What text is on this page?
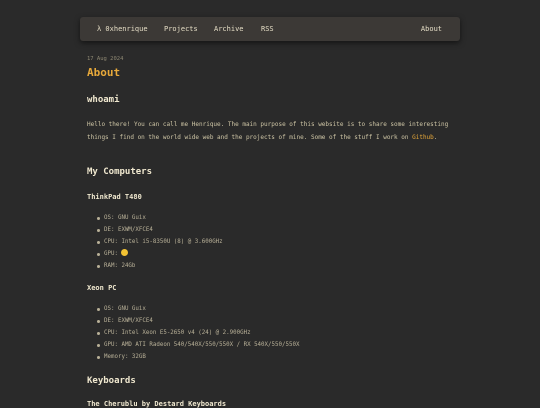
λ 0xhenrique Projects Archive RSS	About
17 Aug 2024
About
whoami

Hello there! You can call me Henrique. The main purpose of this website is to share some interesting things I find on the world wide web and the projects of mine. Some of the stuff I work on Github.

My Computers
ThinkPad T480
OS: GNU Guix
DE: EXWM/XFCE4
CPU: Intel i5-8350U (8) @ 3.600GHz
GPU:
RAM: 24Gb
Xeon PC
OS: GNU Guix
DE: EXWM/XFCE4
CPU: Intel Xeon E5-2650 v4 (24) @ 2.900GHz
GPU: AMD ATI Radeon 540/540X/550/550X / RX 540X/550/550X
Memory: 32GB
Keyboards
The Cherublu by Destard Keyboards
